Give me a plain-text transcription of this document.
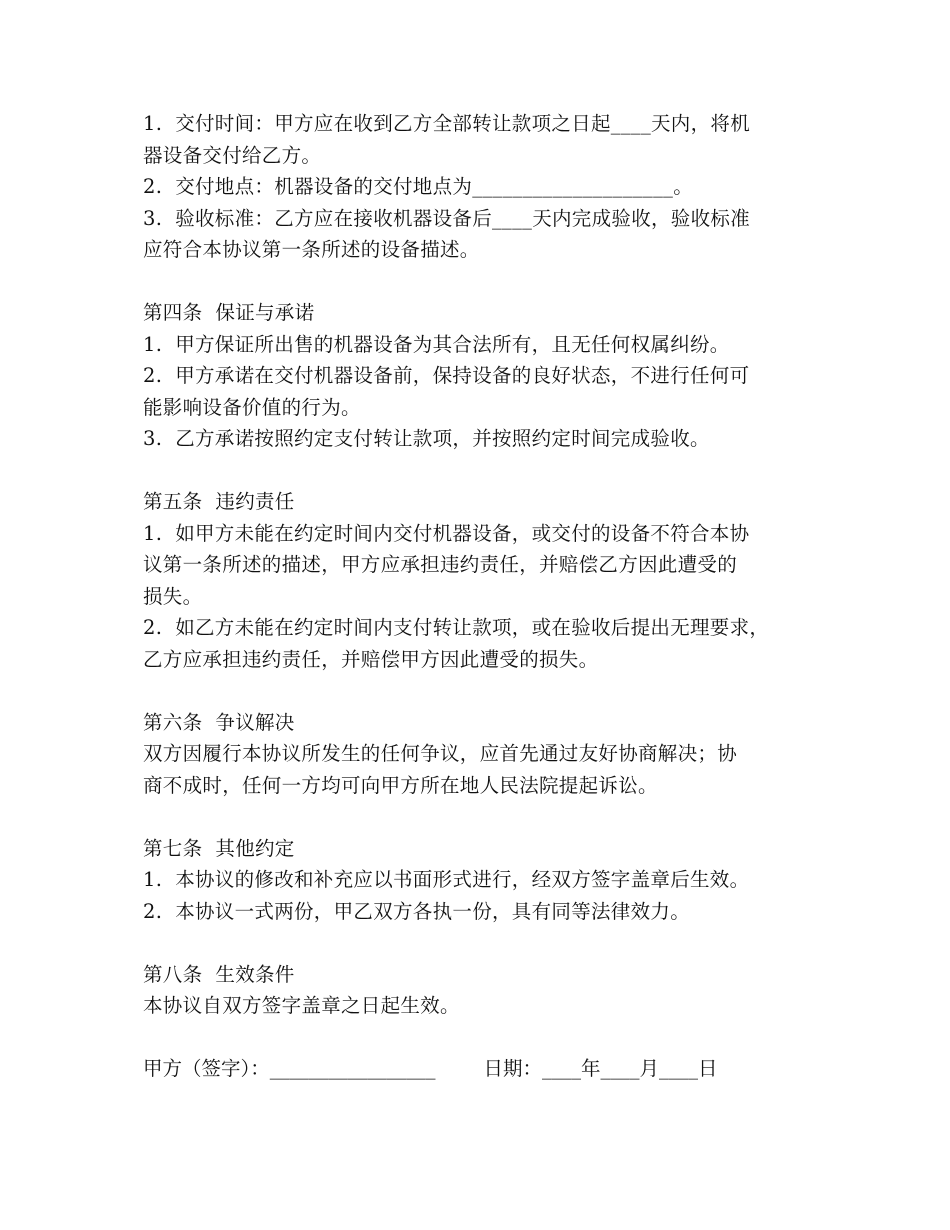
1.  交付时间：甲方应在收到乙方全部转让款项之日起____天内，将机
器设备交付给乙方。
2.  交付地点：机器设备的交付地点为____________________。
3.  验收标准：乙方应在接收机器设备后____天内完成验收，验收标准
应符合本协议第一条所述的设备描述。
第四条  保证与承诺
1.  甲方保证所出售的机器设备为其合法所有，且无任何权属纠纷。
2.  甲方承诺在交付机器设备前，保持设备的良好状态，不进行任何可
能影响设备价值的行为。
3.  乙方承诺按照约定支付转让款项，并按照约定时间完成验收。
第五条  违约责任
1.  如甲方未能在约定时间内交付机器设备，或交付的设备不符合本协
议第一条所述的描述，甲方应承担违约责任，并赔偿乙方因此遭受的
损失。
2.  如乙方未能在约定时间内支付转让款项，或在验收后提出无理要求，
乙方应承担违约责任，并赔偿甲方因此遭受的损失。
第六条  争议解决
双方因履行本协议所发生的任何争议，应首先通过友好协商解决；协
商不成时，任何一方均可向甲方所在地人民法院提起诉讼。
第七条  其他约定
1.  本协议的修改和补充应以书面形式进行，经双方签字盖章后生效。
2.  本协议一式两份，甲乙双方各执一份，具有同等法律效力。
第八条  生效条件
本协议自双方签字盖章之日起生效。
甲方（签字）：_________________ 日期：____年____月____日
